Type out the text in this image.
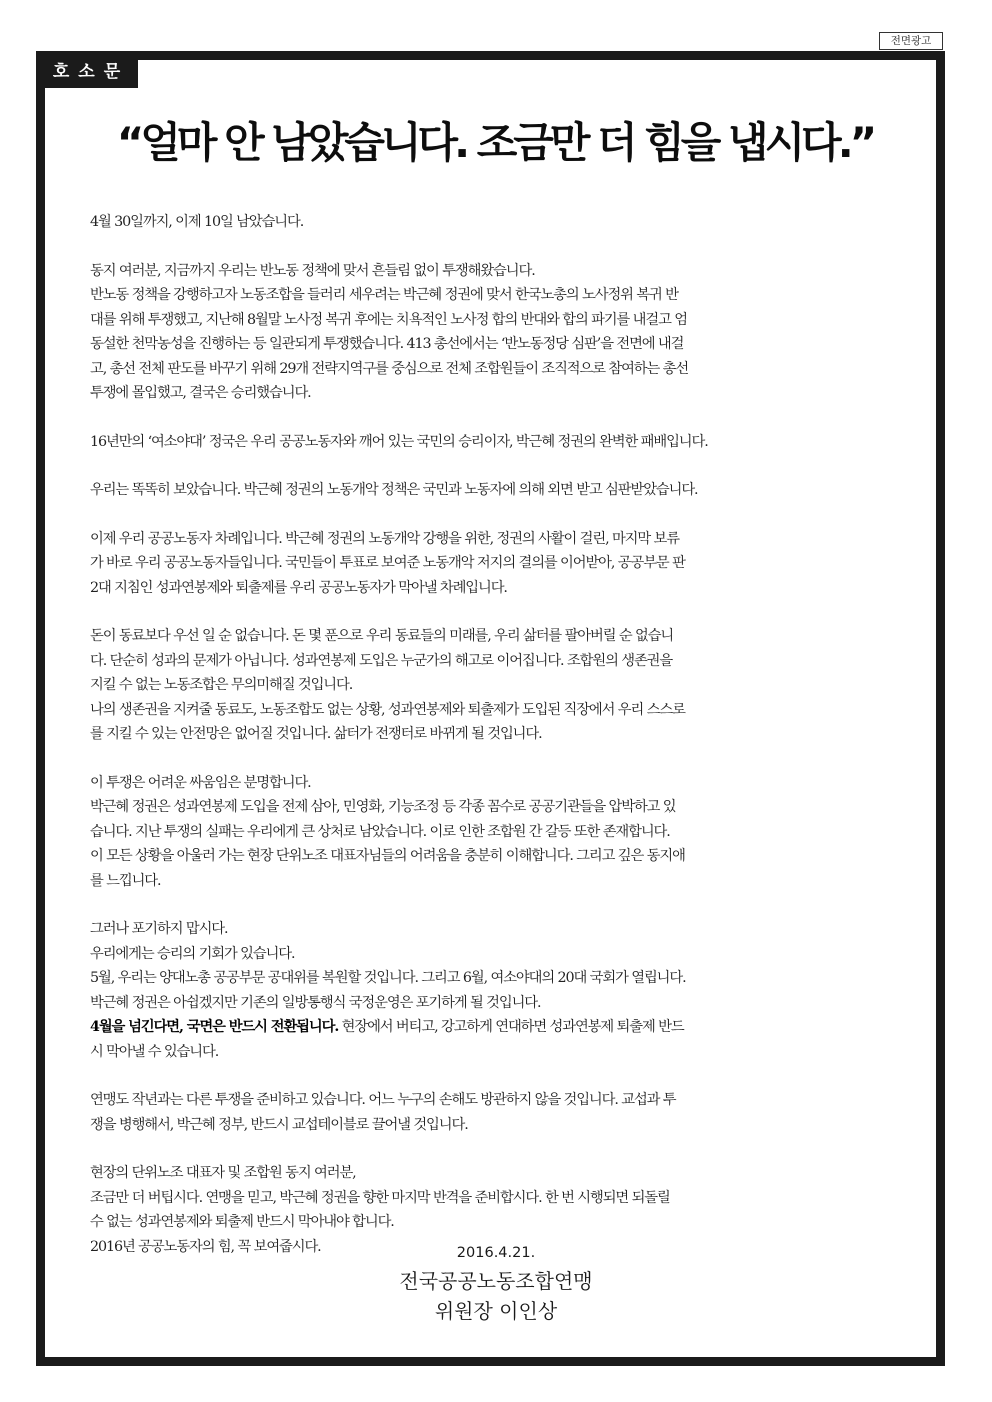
전면광고
호소문
“얼마 안 남았습니다. 조금만 더 힘을 냅시다.”
4월 30일까지, 이제 10일 남았습니다.
동지 여러분, 지금까지 우리는 반노동 정책에 맞서 흔들림 없이 투쟁해왔습니다.
반노동 정책을 강행하고자 노동조합을 들러리 세우려는 박근혜 정권에 맞서 한국노총의 노사정위 복귀 반
대를 위해 투쟁했고, 지난해 8월말 노사정 복귀 후에는 치욕적인 노사정 합의 반대와 합의 파기를 내걸고 엄
동설한 천막농성을 진행하는 등 일관되게 투쟁했습니다. 413 총선에서는 ‘반노동정당 심판’을 전면에 내걸
고, 총선 전체 판도를 바꾸기 위해 29개 전략지역구를 중심으로 전체 조합원들이 조직적으로 참여하는 총선
투쟁에 몰입했고, 결국은 승리했습니다.
16년만의 ‘여소야대’ 정국은 우리 공공노동자와 깨어 있는 국민의 승리이자, 박근혜 정권의 완벽한 패배입니다.
우리는 똑똑히 보았습니다. 박근혜 정권의 노동개악 정책은 국민과 노동자에 의해 외면 받고 심판받았습니다.
이제 우리 공공노동자 차례입니다. 박근혜 정권의 노동개악 강행을 위한, 정권의 사활이 걸린, 마지막 보류
가 바로 우리 공공노동자들입니다. 국민들이 투표로 보여준 노동개악 저지의 결의를 이어받아, 공공부문 판
2대 지침인 성과연봉제와 퇴출제를 우리 공공노동자가 막아낼 차례입니다.
돈이 동료보다 우선 일 순 없습니다. 돈 몇 푼으로 우리 동료들의 미래를, 우리 삶터를 팔아버릴 순 없습니
다. 단순히 성과의 문제가 아닙니다. 성과연봉제 도입은 누군가의 해고로 이어집니다. 조합원의 생존권을
지킬 수 없는 노동조합은 무의미해질 것입니다.
나의 생존권을 지켜줄 동료도, 노동조합도 없는 상황, 성과연봉제와 퇴출제가 도입된 직장에서 우리 스스로
를 지킬 수 있는 안전망은 없어질 것입니다. 삶터가 전쟁터로 바뀌게 될 것입니다.
이 투쟁은 어려운 싸움임은 분명합니다.
박근혜 정권은 성과연봉제 도입을 전제 삼아, 민영화, 기능조정 등 각종 꼼수로 공공기관들을 압박하고 있
습니다. 지난 투쟁의 실패는 우리에게 큰 상처로 남았습니다. 이로 인한 조합원 간 갈등 또한 존재합니다.
이 모든 상황을 아울러 가는 현장 단위노조 대표자님들의 어려움을 충분히 이해합니다. 그리고 깊은 동지애
를 느낍니다.
그러나 포기하지 맙시다.
우리에게는 승리의 기회가 있습니다.
5월, 우리는 양대노총 공공부문 공대위를 복원할 것입니다. 그리고 6월, 여소야대의 20대 국회가 열립니다.
박근혜 정권은 아쉽겠지만 기존의 일방통행식 국정운영은 포기하게 될 것입니다.
4월을 넘긴다면, 국면은 반드시 전환됩니다. 현장에서 버티고, 강고하게 연대하면 성과연봉제 퇴출제 반드
시 막아낼 수 있습니다.
연맹도 작년과는 다른 투쟁을 준비하고 있습니다. 어느 누구의 손해도 방관하지 않을 것입니다. 교섭과 투
쟁을 병행해서, 박근혜 정부, 반드시 교섭테이블로 끌어낼 것입니다.
현장의 단위노조 대표자 및 조합원 동지 여러분,
조금만 더 버팁시다. 연맹을 믿고, 박근혜 정권을 향한 마지막 반격을 준비합시다. 한 번 시행되면 되돌릴
수 없는 성과연봉제와 퇴출제 반드시 막아내야 합니다.
2016년 공공노동자의 힘, 꼭 보여줍시다.	2016.4.21.
전국공공노동조합연맹
위원장 이인상
